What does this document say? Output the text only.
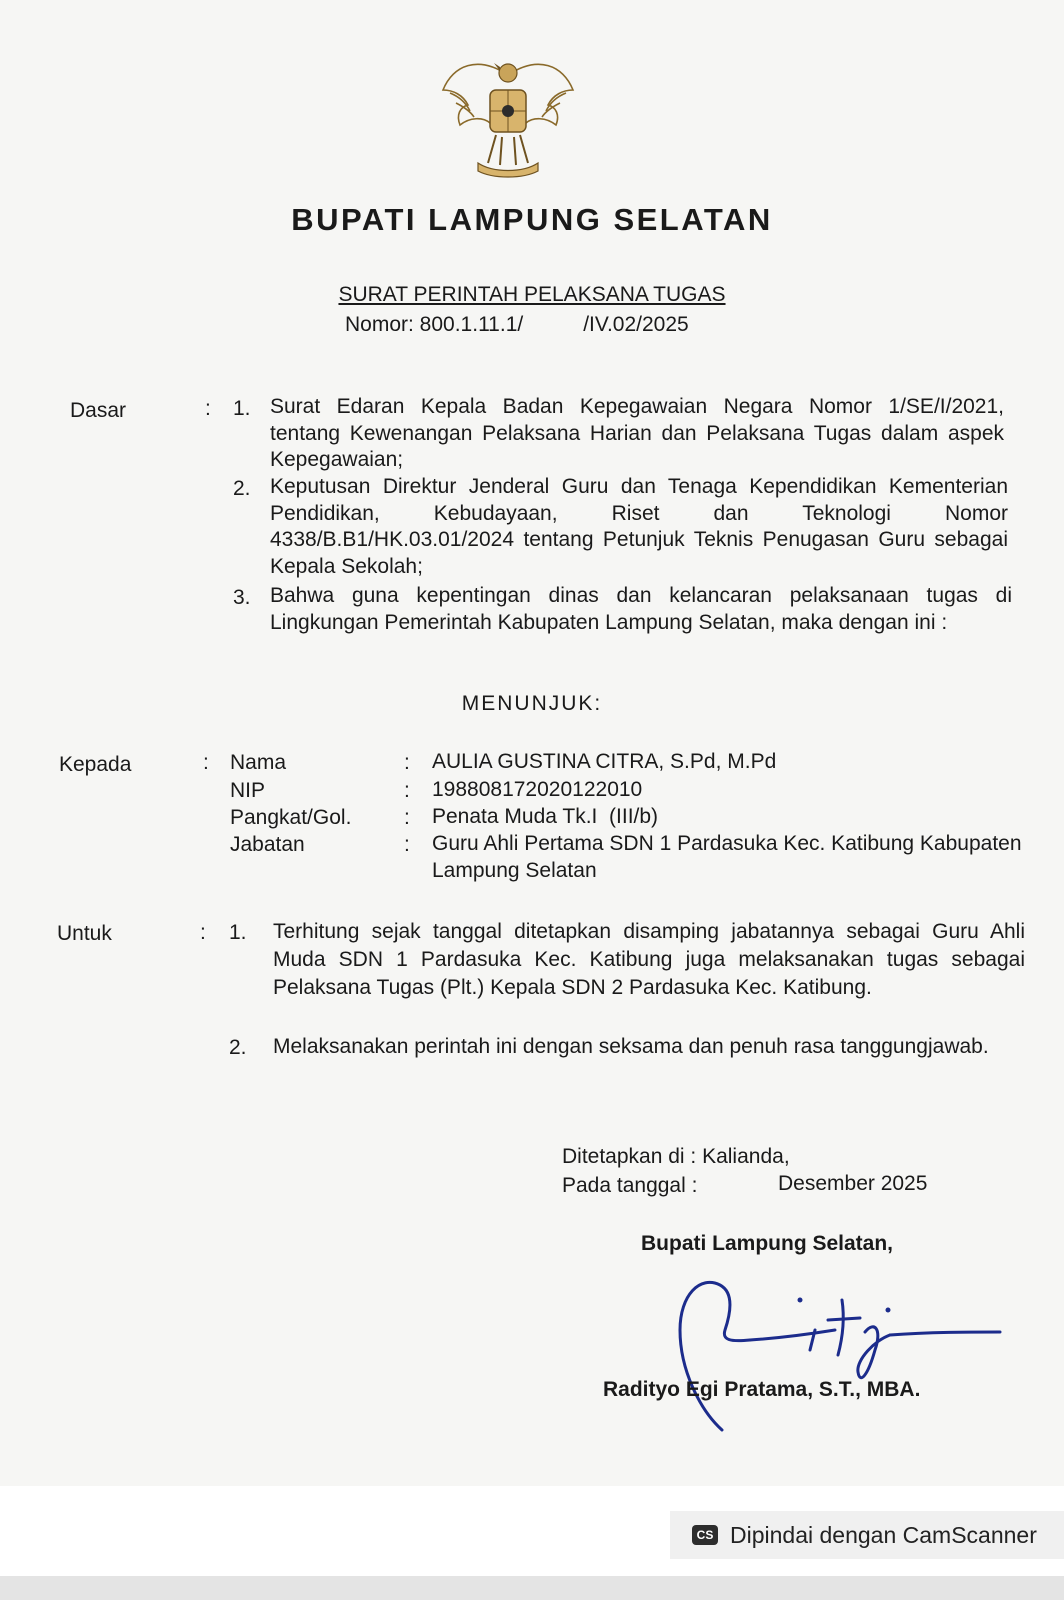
BUPATI LAMPUNG SELATAN
SURAT PERINTAH PELAKSANA TUGAS
Nomor: 800.1.11.1/	/IV.02/2025
Dasar	: 1. Surat Edaran Kepala Badan Kepegawaian Negara Nomor 1/SE/I/2021, tentang Kewenangan Pelaksana Harian dan Pelaksana Tugas dalam aspek Kepegawaian;
2. Keputusan Direktur Jenderal Guru dan Tenaga Kependidikan Kementerian Pendidikan, Kebudayaan, Riset dan Teknologi Nomor 4338/B.B1/HK.03.01/2024 tentang Petunjuk Teknis Penugasan Guru sebagai Kepala Sekolah;
3. Bahwa guna kepentingan dinas dan kelancaran pelaksanaan tugas di Lingkungan Pemerintah Kabupaten Lampung Selatan, maka dengan ini :
MENUNJUK:
Kepada	: Nama	: AULIA GUSTINA CITRA, S.Pd, M.Pd
NIP	: 198808172020122010
Pangkat/Gol.	: Penata Muda Tk.I  (III/b)
Jabatan	: Guru Ahli Pertama SDN 1 Pardasuka Kec. Katibung Kabupaten Lampung Selatan
Untuk	: 1. Terhitung sejak tanggal ditetapkan disamping jabatannya sebagai Guru Ahli Muda SDN 1 Pardasuka Kec. Katibung juga melaksanakan tugas sebagai Pelaksana Tugas (Plt.) Kepala SDN 2 Pardasuka Kec. Katibung.
2. Melaksanakan perintah ini dengan seksama dan penuh rasa tanggungjawab.
Ditetapkan di : Kalianda,
Pada tanggal :	Desember 2025
Bupati Lampung Selatan,
Radityo Egi Pratama, S.T., MBA.
CS Dipindai dengan CamScanner
